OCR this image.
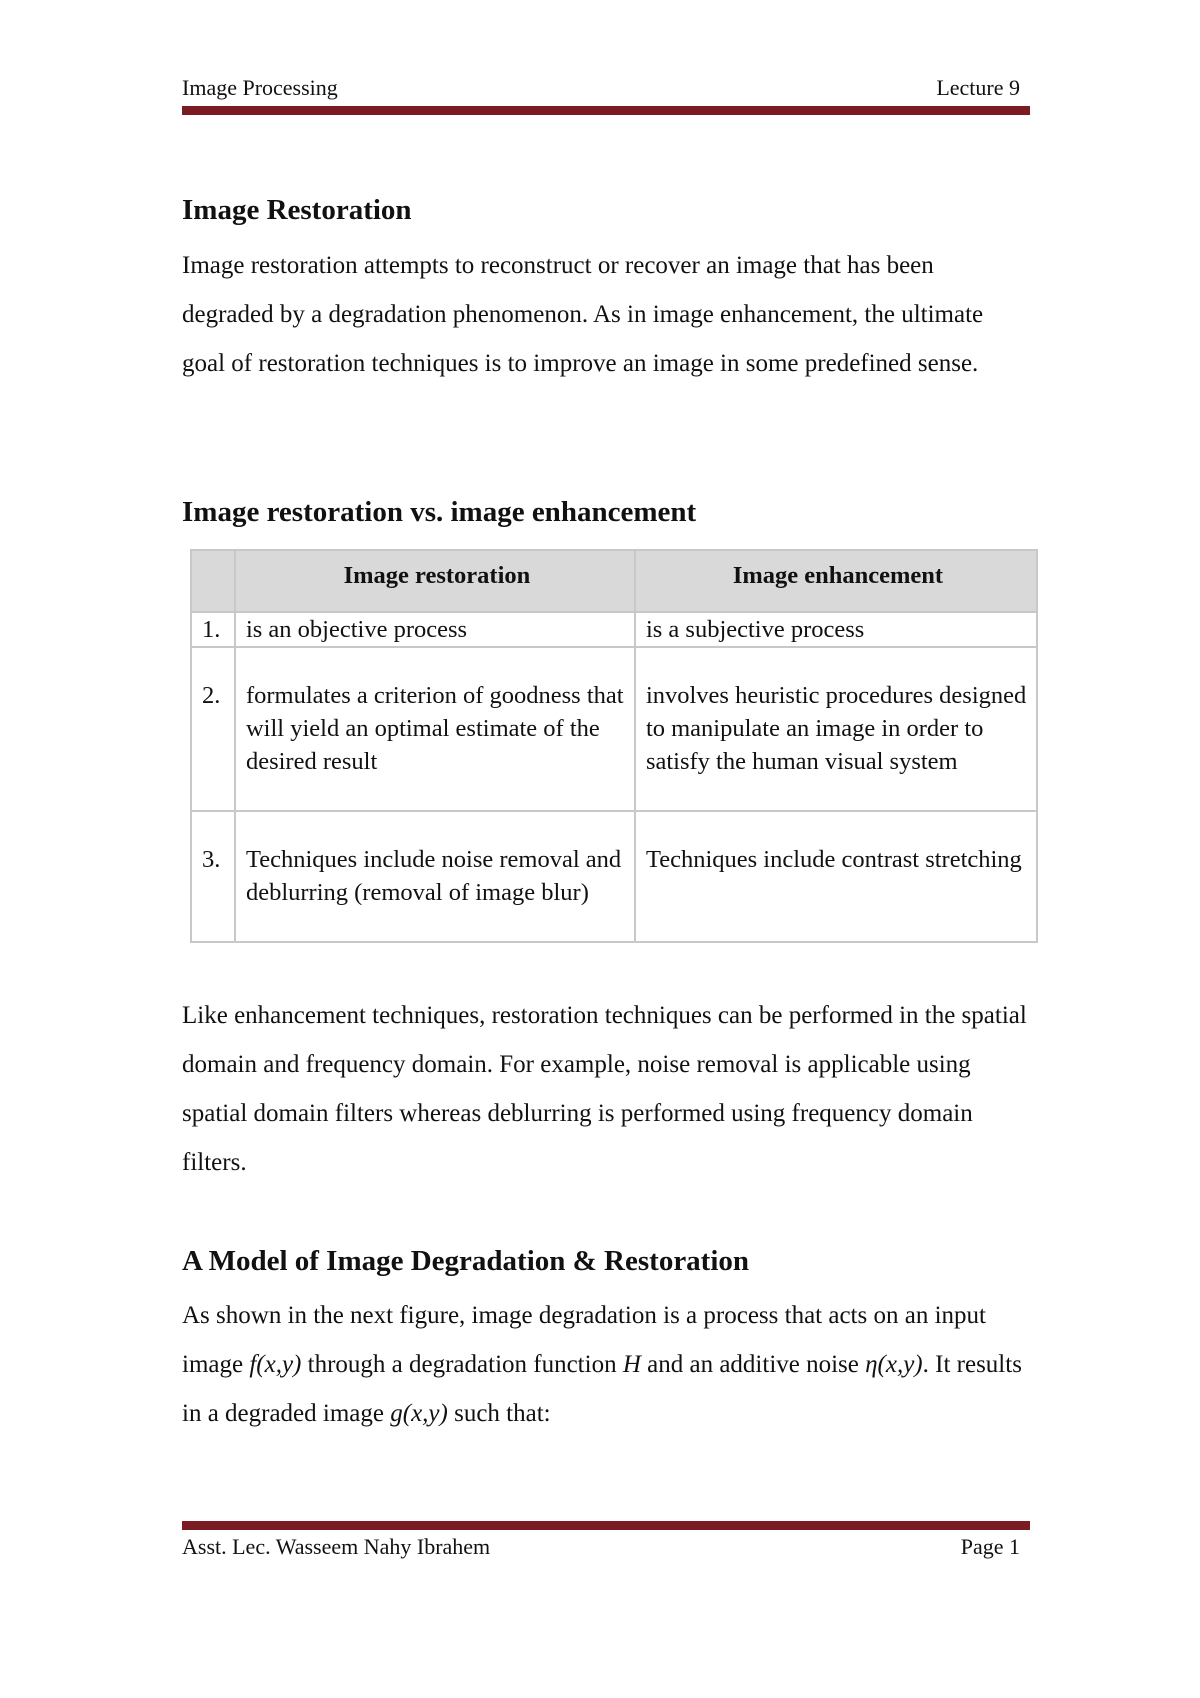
Image Processing	Lecture 9
Image Restoration

Image restoration attempts to reconstruct or recover an image that has been degraded by a degradation phenomenon. As in image enhancement, the ultimate goal of restoration techniques is to improve an image in some predefined sense.

Image restoration vs. image enhancement
	Image restoration	Image enhancement
1.	is an objective process	is a subjective process
2.	formulates a criterion of goodness that will yield an optimal estimate of the desired result	involves heuristic procedures designed to manipulate an image in order to satisfy the human visual system
3.	Techniques include noise removal and deblurring (removal of image blur)	Techniques include contrast stretching

Like enhancement techniques, restoration techniques can be performed in the spatial domain and frequency domain. For example, noise removal is applicable using spatial domain filters whereas deblurring is performed using frequency domain filters.

A Model of Image Degradation & Restoration

As shown in the next figure, image degradation is a process that acts on an input image f(x,y) through a degradation function H and an additive noise η(x,y). It results in a degraded image g(x,y) such that:

Asst. Lec. Wasseem Nahy Ibrahem	Page 1
